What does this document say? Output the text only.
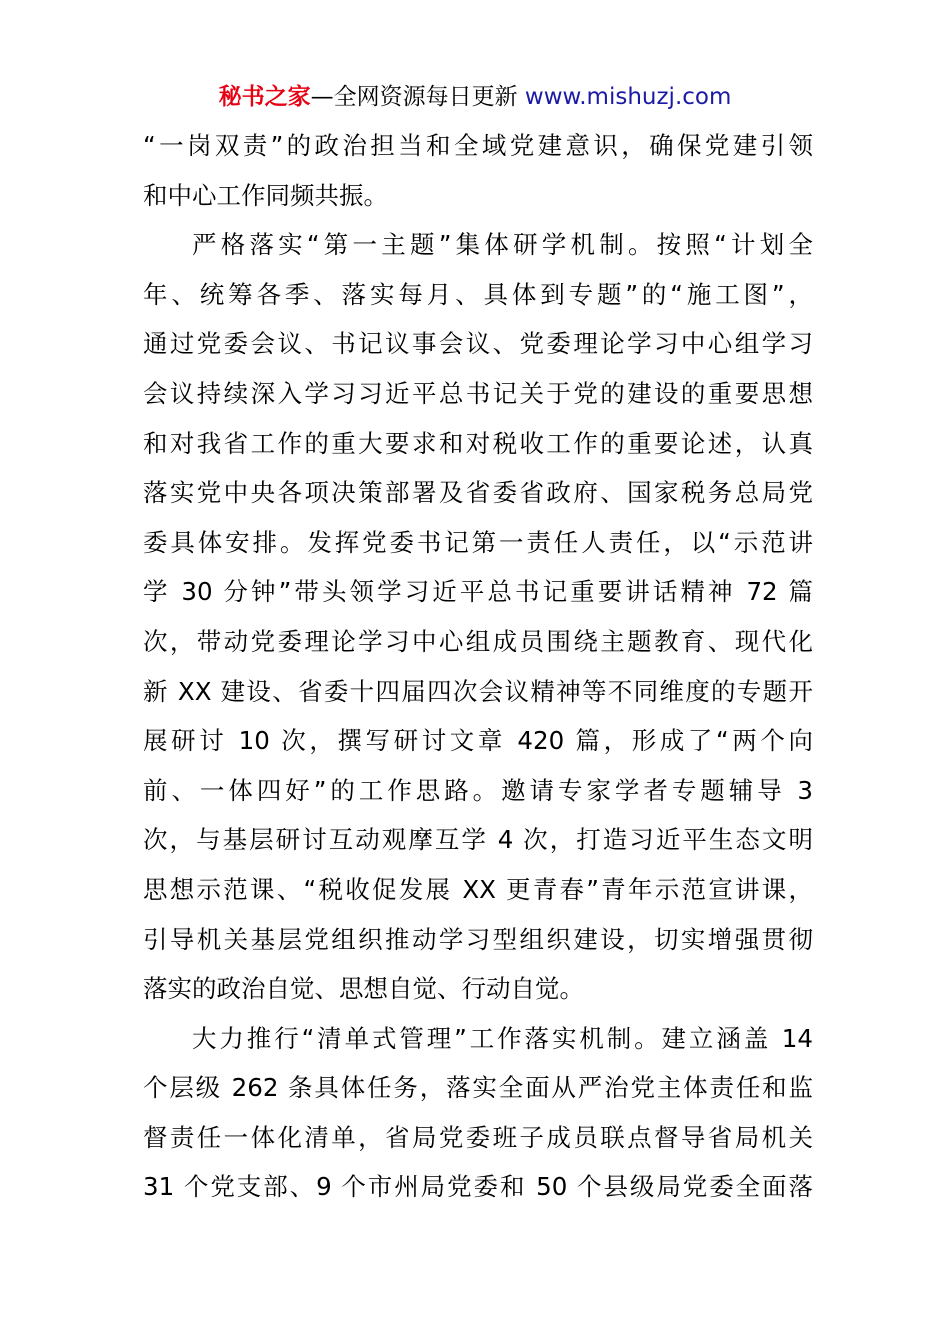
秘书之家—全网资源每日更新 www.mishuzj.com
“一岗双责”的政治担当和全域党建意识，确保党建引领
和中心工作同频共振。
严格落实“第一主题”集体研学机制。按照“计划全
年、统筹各季、落实每月、具体到专题”的“施工图”，
通过党委会议、书记议事会议、党委理论学习中心组学习
会议持续深入学习习近平总书记关于党的建设的重要思想
和对我省工作的重大要求和对税收工作的重要论述，认真
落实党中央各项决策部署及省委省政府、国家税务总局党
委具体安排。发挥党委书记第一责任人责任，以“示范讲
学 30 分钟”带头领学习近平总书记重要讲话精神 72 篇
次，带动党委理论学习中心组成员围绕主题教育、现代化
新 XX 建设、省委十四届四次会议精神等不同维度的专题开
展研讨 10 次，撰写研讨文章 420 篇，形成了“两个向
前、一体四好”的工作思路。邀请专家学者专题辅导 3
次，与基层研讨互动观摩互学 4 次，打造习近平生态文明
思想示范课、“税收促发展 XX 更青春”青年示范宣讲课，
引导机关基层党组织推动学习型组织建设，切实增强贯彻
落实的政治自觉、思想自觉、行动自觉。
大力推行“清单式管理”工作落实机制。建立涵盖 14
个层级 262 条具体任务，落实全面从严治党主体责任和监
督责任一体化清单，省局党委班子成员联点督导省局机关
31 个党支部、9 个市州局党委和 50 个县级局党委全面落
